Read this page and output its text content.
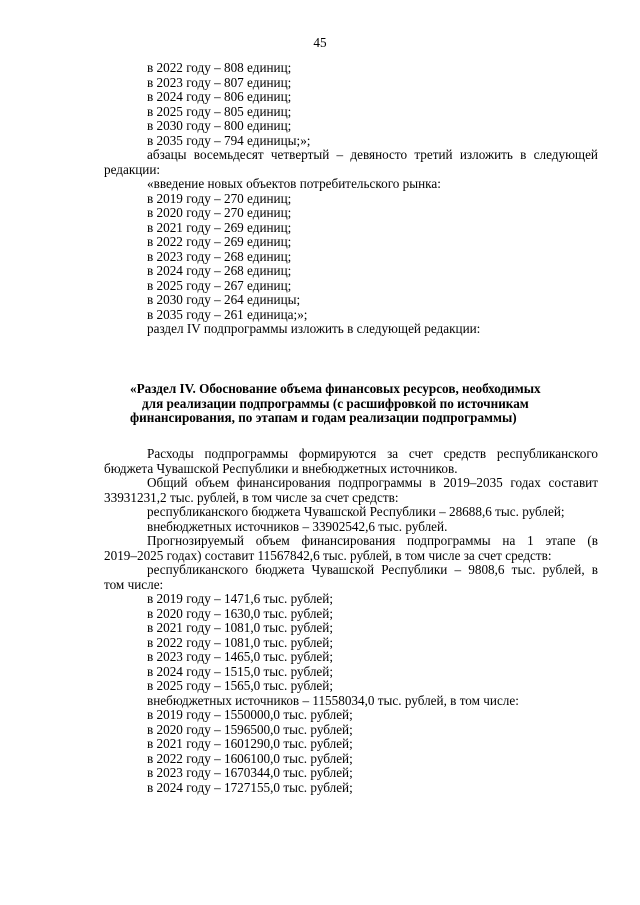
45
в 2022 году – 808 единиц;
в 2023 году – 807 единиц;
в 2024 году – 806 единиц;
в 2025 году – 805 единиц;
в 2030 году – 800 единиц;
в 2035 году – 794 единицы;»;
абзацы восемьдесят четвертый – девяносто третий изложить в следующей
редакции:
«введение новых объектов потребительского рынка:
в 2019 году – 270 единиц;
в 2020 году – 270 единиц;
в 2021 году – 269 единиц;
в 2022 году – 269 единиц;
в 2023 году – 268 единиц;
в 2024 году – 268 единиц;
в 2025 году – 267 единиц;
в 2030 году – 264 единицы;
в 2035 году – 261 единица;»;
раздел IV подпрограммы изложить в следующей редакции:
«Раздел IV. Обоснование объема финансовых ресурсов, необходимых
для реализации подпрограммы (с расшифровкой по источникам
финансирования, по этапам и годам реализации подпрограммы)
Расходы подпрограммы формируются за счет средств республиканского
бюджета Чувашской Республики и внебюджетных источников.
Общий объем финансирования подпрограммы в 2019–2035 годах составит
33931231,2 тыс. рублей, в том числе за счет средств:
республиканского бюджета Чувашской Республики – 28688,6 тыс. рублей;
внебюджетных источников – 33902542,6 тыс. рублей.
Прогнозируемый объем финансирования подпрограммы на 1 этапе (в
2019–2025 годах) составит 11567842,6 тыс. рублей, в том числе за счет средств:
республиканского бюджета Чувашской Республики – 9808,6 тыс. рублей, в
том числе:
в 2019 году – 1471,6 тыс. рублей;
в 2020 году – 1630,0 тыс. рублей;
в 2021 году – 1081,0 тыс. рублей;
в 2022 году – 1081,0 тыс. рублей;
в 2023 году – 1465,0 тыс. рублей;
в 2024 году – 1515,0 тыс. рублей;
в 2025 году – 1565,0 тыс. рублей;
внебюджетных источников – 11558034,0 тыс. рублей, в том числе:
в 2019 году – 1550000,0 тыс. рублей;
в 2020 году – 1596500,0 тыс. рублей;
в 2021 году – 1601290,0 тыс. рублей;
в 2022 году – 1606100,0 тыс. рублей;
в 2023 году – 1670344,0 тыс. рублей;
в 2024 году – 1727155,0 тыс. рублей;
